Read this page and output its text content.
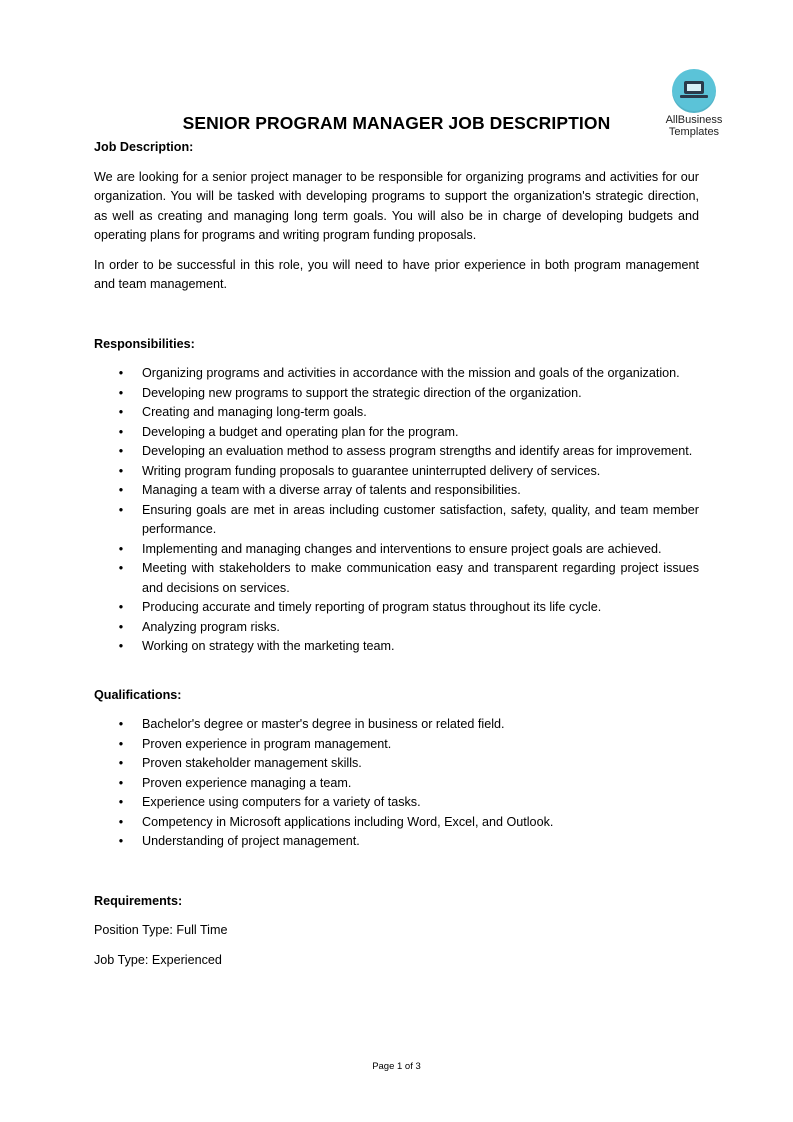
AllBusiness
Templates
SENIOR PROGRAM MANAGER JOB DESCRIPTION

Job Description:

We are looking for a senior project manager to be responsible for organizing programs and activities for our organization. You will be tasked with developing programs to support the organization's strategic direction, as well as creating and managing long term goals. You will also be in charge of developing budgets and operating plans for programs and writing program funding proposals.

In order to be successful in this role, you will need to have prior experience in both program management and team management.

Responsibilities:

• Organizing programs and activities in accordance with the mission and goals of the organization.
• Developing new programs to support the strategic direction of the organization.
• Creating and managing long-term goals.
• Developing a budget and operating plan for the program.
• Developing an evaluation method to assess program strengths and identify areas for improvement.
• Writing program funding proposals to guarantee uninterrupted delivery of services.
• Managing a team with a diverse array of talents and responsibilities.
• Ensuring goals are met in areas including customer satisfaction, safety, quality, and team member performance.
• Implementing and managing changes and interventions to ensure project goals are achieved.
• Meeting with stakeholders to make communication easy and transparent regarding project issues and decisions on services.
• Producing accurate and timely reporting of program status throughout its life cycle.
• Analyzing program risks.
• Working on strategy with the marketing team.

Qualifications:

• Bachelor's degree or master's degree in business or related field.
• Proven experience in program management.
• Proven stakeholder management skills.
• Proven experience managing a team.
• Experience using computers for a variety of tasks.
• Competency in Microsoft applications including Word, Excel, and Outlook.
• Understanding of project management.

Requirements:

Position Type: Full Time

Job Type: Experienced

Page 1 of 3
